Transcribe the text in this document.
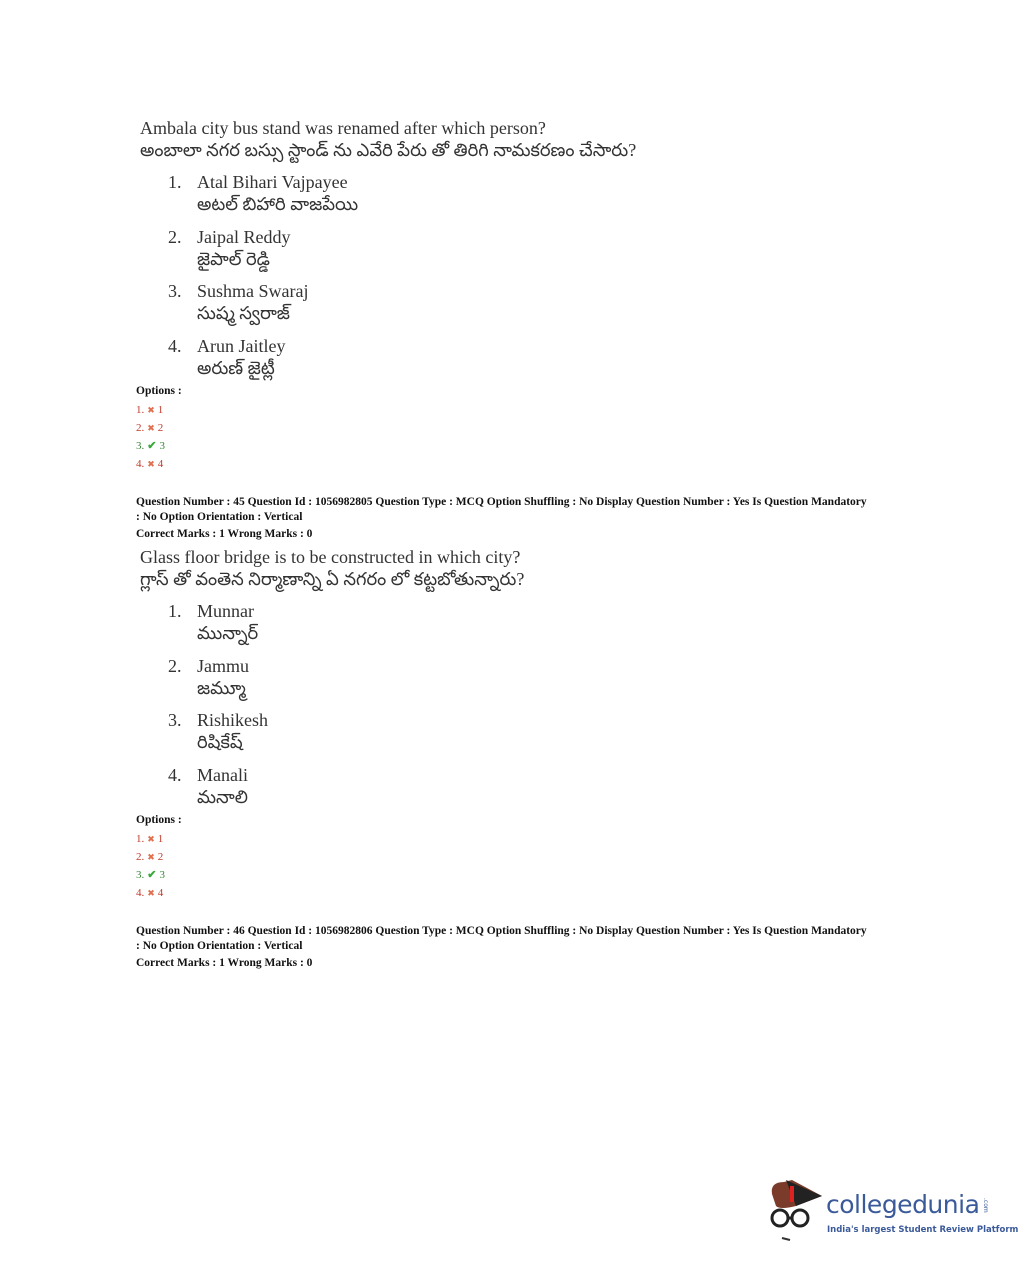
Ambala city bus stand was renamed after which person?
అంబాలా నగర బస్సు స్టాండ్ ను ఎవేరి పేరు తో తిరిగి నామకరణం చేసారు?
1. Atal Bihari Vajpayee
అటల్ బిహారి వాజపేయి
2. Jaipal Reddy
జైపాల్ రెడ్డి
3. Sushma Swaraj
సుష్మ స్వరాజ్
4. Arun Jaitley
అరుణ్ జైట్లీ
Options :
1. ✖ 1
2. ✖ 2
3. ✔ 3
4. ✖ 4
Question Number : 45 Question Id : 1056982805 Question Type : MCQ Option Shuffling : No Display Question Number : Yes Is Question Mandatory
: No Option Orientation : Vertical
Correct Marks : 1 Wrong Marks : 0
Glass floor bridge is to be constructed in which city?
గ్లాస్ తో వంతెన నిర్మాణాన్ని ఏ నగరం లో కట్టబోతున్నారు?
1. Munnar
మున్నార్
2. Jammu
జమ్మూ
3. Rishikesh
రిషికేష్
4. Manali
మనాలి
Options :
1. ✖ 1
2. ✖ 2
3. ✔ 3
4. ✖ 4
Question Number : 46 Question Id : 1056982806 Question Type : MCQ Option Shuffling : No Display Question Number : Yes Is Question Mandatory
: No Option Orientation : Vertical
Correct Marks : 1 Wrong Marks : 0
collegedunia .com
India's largest Student Review Platform
